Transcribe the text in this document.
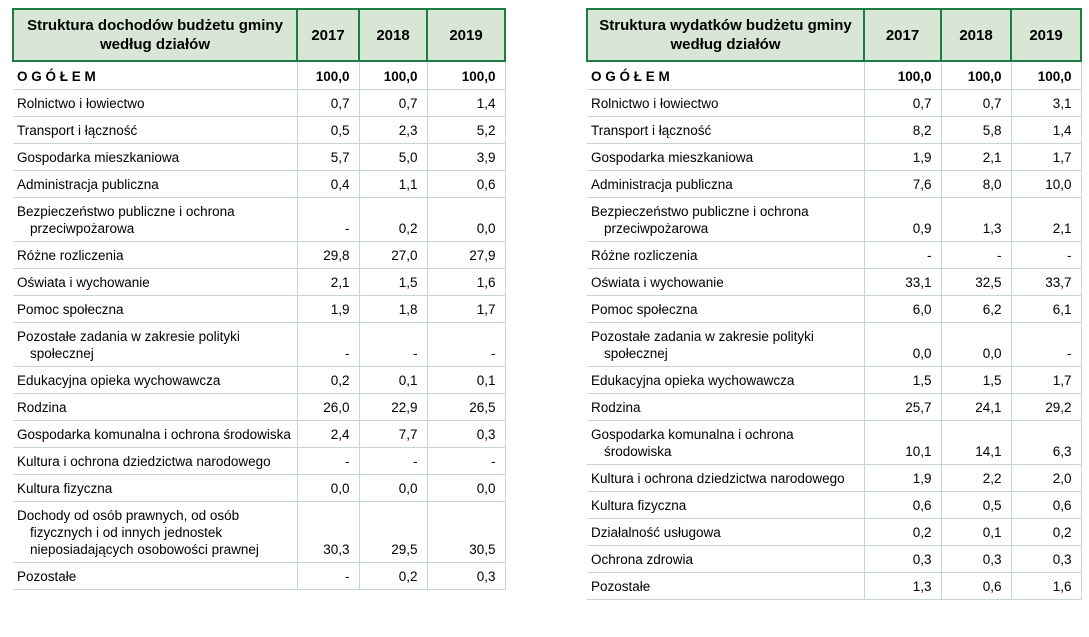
Struktura dochodów budżetu gminy według działów	2017	2018	2019
O G Ó Ł E M	100,0	100,0	100,0
Rolnictwo i łowiectwo	0,7	0,7	1,4
Transport i łączność	0,5	2,3	5,2
Gospodarka mieszkaniowa	5,7	5,0	3,9
Administracja publiczna	0,4	1,1	0,6
Bezpieczeństwo publiczne i ochrona przeciwpożarowa	-	0,2	0,0
Różne rozliczenia	29,8	27,0	27,9
Oświata i wychowanie	2,1	1,5	1,6
Pomoc społeczna	1,9	1,8	1,7
Pozostałe zadania w zakresie polityki społecznej	-	-	-
Edukacyjna opieka wychowawcza	0,2	0,1	0,1
Rodzina	26,0	22,9	26,5
Gospodarka komunalna i ochrona środowiska	2,4	7,7	0,3
Kultura i ochrona dziedzictwa narodowego	-	-	-
Kultura fizyczna	0,0	0,0	0,0
Dochody od osób prawnych, od osób fizycznych i od innych jednostek nieposiadających osobowości prawnej	30,3	29,5	30,5
Pozostałe	-	0,2	0,3
Struktura wydatków budżetu gminy według działów	2017	2018	2019
O G Ó Ł E M	100,0	100,0	100,0
Rolnictwo i łowiectwo	0,7	0,7	3,1
Transport i łączność	8,2	5,8	1,4
Gospodarka mieszkaniowa	1,9	2,1	1,7
Administracja publiczna	7,6	8,0	10,0
Bezpieczeństwo publiczne i ochrona przeciwpożarowa	0,9	1,3	2,1
Różne rozliczenia	-	-	-
Oświata i wychowanie	33,1	32,5	33,7
Pomoc społeczna	6,0	6,2	6,1
Pozostałe zadania w zakresie polityki społecznej	0,0	0,0	-
Edukacyjna opieka wychowawcza	1,5	1,5	1,7
Rodzina	25,7	24,1	29,2
Gospodarka komunalna i ochrona środowiska	10,1	14,1	6,3
Kultura i ochrona dziedzictwa narodowego	1,9	2,2	2,0
Kultura fizyczna	0,6	0,5	0,6
Działalność usługowa	0,2	0,1	0,2
Ochrona zdrowia	0,3	0,3	0,3
Pozostałe	1,3	0,6	1,6
